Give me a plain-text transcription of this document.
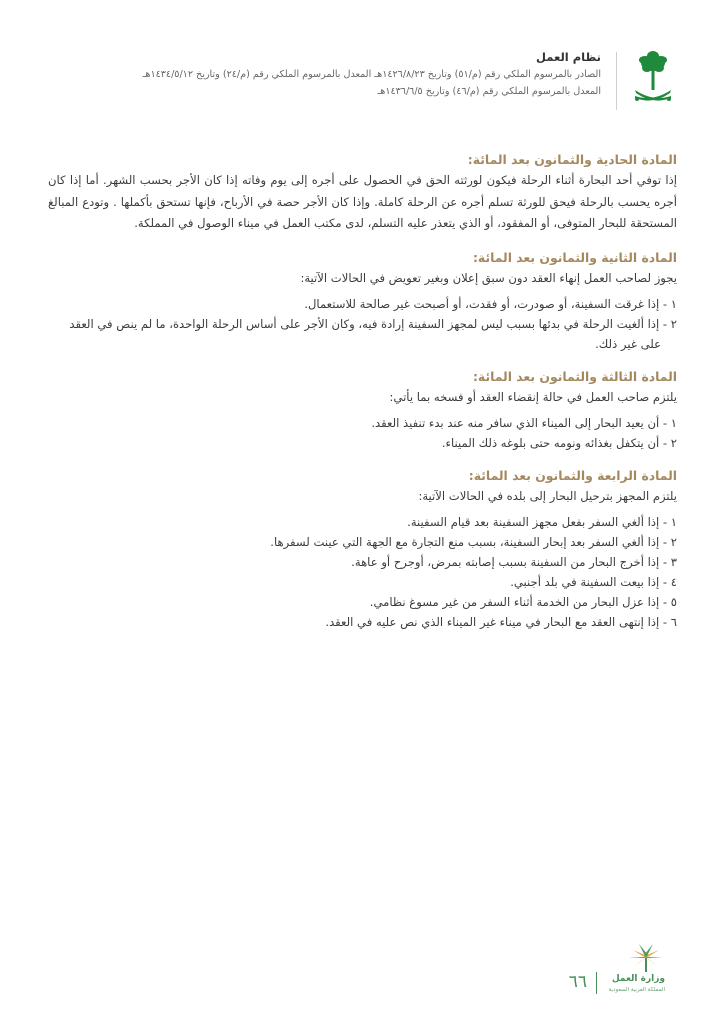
نظام العمل
الصادر بالمرسوم الملكي رقم (م/٥١) وتاريخ ١٤٢٦/٨/٢٣هـ المعدل بالمرسوم الملكي رقم (م/٢٤) وتاريخ ١٤٣٤/٥/١٢هـ
المعدل بالمرسوم الملكي رقم (م/٤٦) وتاريخ ١٤٣٦/٦/٥هـ
المادة الحادية والثمانون بعد المائة:
إذا توفي أحد البحارة أثناء الرحلة فيكون لورثته الحق في الحصول على أجره إلى يوم وفاته إذا كان الأجر بحسب الشهر. أما إذا كان أجره يحسب بالرحلة فيحق للورثة تسلم أجره عن الرحلة كاملة. وإذا كان الأجر حصة في الأرباح، فإنها تستحق بأكملها . وتودع المبالغ المستحقة للبحار المتوفى، أو المفقود، أو الذي يتعذر عليه التسلم، لدى مكتب العمل في ميناء الوصول في المملكة.
المادة الثانية والثمانون بعد المائة:
يجوز لصاحب العمل إنهاء العقد دون سبق إعلان وبغير تعويض في الحالات الآتية:
١ - إذا غرقت السفينة، أو صودرت، أو فقدت، أو أصبحت غير صالحة للاستعمال.
٢ - إذا ألغيت الرحلة في بدئها بسبب ليس لمجهز السفينة إرادة فيه، وكان الأجر على أساس الرحلة الواحدة، ما لم ينص في العقد على غير ذلك.
المادة الثالثة والثمانون بعد المائة:
يلتزم صاحب العمل في حالة إنقضاء العقد أو فسخه بما يأتي:
١ - أن يعيد البحار إلى الميناء الذي سافر منه عند بدء تنفيذ العقد.
٢ - أن يتكفل بغذائه ونومه حتى بلوغه ذلك الميناء.
المادة الرابعة والثمانون بعد المائة:
يلتزم المجهز بترحيل البحار إلى بلده في الحالات الآتية:
١ - إذا ألغي السفر بفعل مجهز السفينة بعد قيام السفينة.
٢ - إذا ألغي السفر بعد إبحار السفينة، بسبب منع التجارة مع الجهة التي عينت لسفرها.
٣ - إذا أخرج البحار من السفينة بسبب إصابته بمرض، أوجرح أو عاهة.
٤ - إذا بيعت السفينة في بلد أجنبي.
٥ - إذا عزل البحار من الخدمة أثناء السفر من غير مسوغ نظامي.
٦ - إذا إنتهى العقد مع البحار في ميناء غير الميناء الذي نص عليه في العقد.
وزارة العمل
المملكة العربية السعودية
٦٦
